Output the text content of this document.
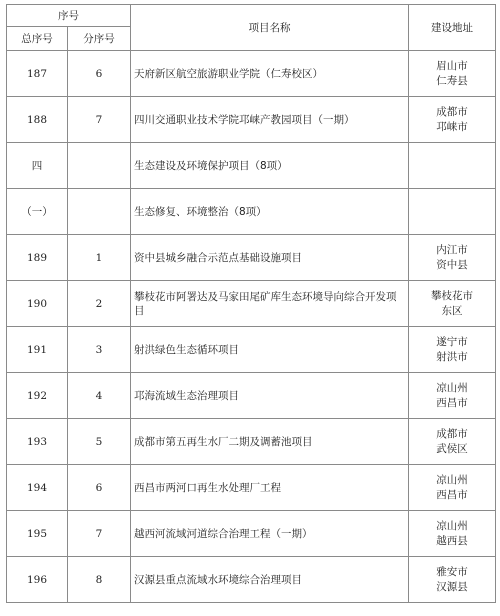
序号		项目名称	建设地址
总序号	分序号		
187	6	天府新区航空旅游职业学院（仁寿校区）	眉山市
仁寿县

188	7	四川交通职业技术学院邛崃产教园项目（一期）	成都市
邛崃市

四		生态建设及环境保护项目（8项）	

（一）		生态修复、环境整治（8项）	

189	1	资中县城乡融合示范点基础设施项目	内江市
资中县

190	2	攀枝花市阿署达及马家田尾矿库生态环境导向综合开发项目	攀枝花市
东区

191	3	射洪绿色生态循环项目	遂宁市
射洪市

192	4	邛海流域生态治理项目	凉山州
西昌市

193	5	成都市第五再生水厂二期及调蓄池项目	成都市
武侯区

194	6	西昌市两河口再生水处理厂工程	凉山州
西昌市

195	7	越西河流域河道综合治理工程（一期）	凉山州
越西县

196	8	汉源县重点流域水环境综合治理项目	雅安市
汉源县
